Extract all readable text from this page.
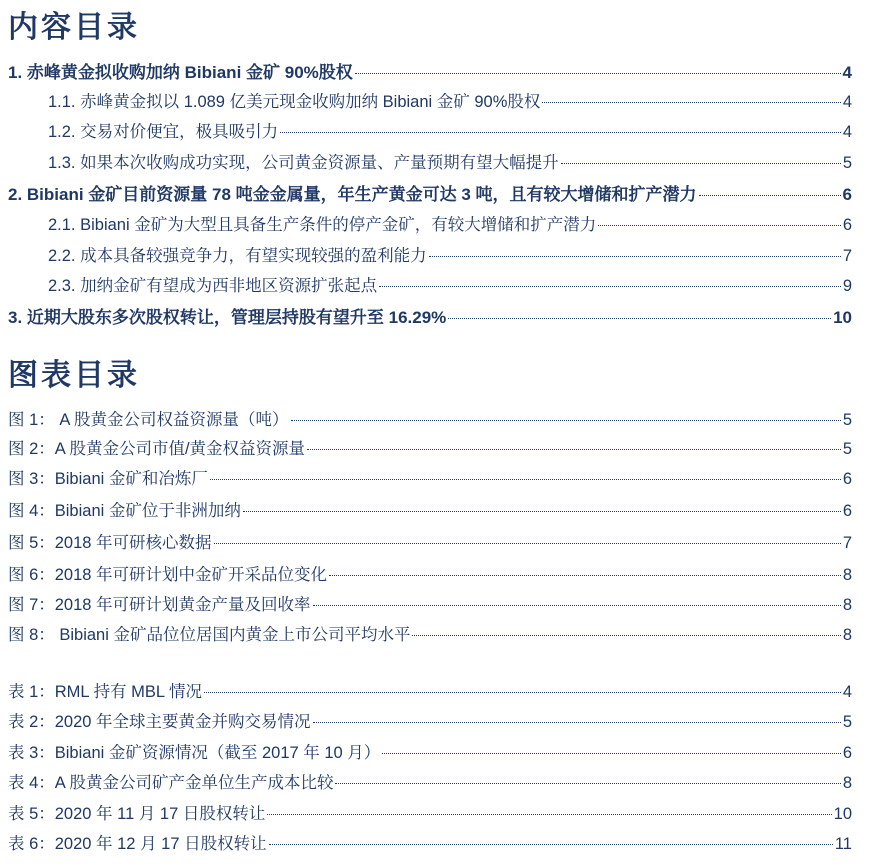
内容目录
1. 赤峰黄金拟收购加纳 Bibiani 金矿 90%股权	4
1.1. 赤峰黄金拟以 1.089 亿美元现金收购加纳 Bibiani 金矿 90%股权	4
1.2. 交易对价便宜，极具吸引力	4
1.3. 如果本次收购成功实现，公司黄金资源量、产量预期有望大幅提升	5
2. Bibiani 金矿目前资源量 78 吨金金属量，年生产黄金可达 3 吨，且有较大增储和扩产潜力	6
2.1. Bibiani 金矿为大型且具备生产条件的停产金矿，有较大增储和扩产潜力	6
2.2. 成本具备较强竞争力，有望实现较强的盈利能力	7
2.3. 加纳金矿有望成为西非地区资源扩张起点	9
3. 近期大股东多次股权转让，管理层持股有望升至 16.29%	10
图表目录
图 1： A 股黄金公司权益资源量（吨）	5
图 2：A 股黄金公司市值/黄金权益资源量	5
图 3：Bibiani 金矿和冶炼厂	6
图 4：Bibiani 金矿位于非洲加纳	6
图 5：2018 年可研核心数据	7
图 6：2018 年可研计划中金矿开采品位变化	8
图 7：2018 年可研计划黄金产量及回收率	8
图 8： Bibiani 金矿品位位居国内黄金上市公司平均水平	8
表 1：RML 持有 MBL 情况	4
表 2：2020 年全球主要黄金并购交易情况	5
表 3：Bibiani 金矿资源情况（截至 2017 年 10 月）	6
表 4：A 股黄金公司矿产金单位生产成本比较	8
表 5：2020 年 11 月 17 日股权转让	10
表 6：2020 年 12 月 17 日股权转让	11
